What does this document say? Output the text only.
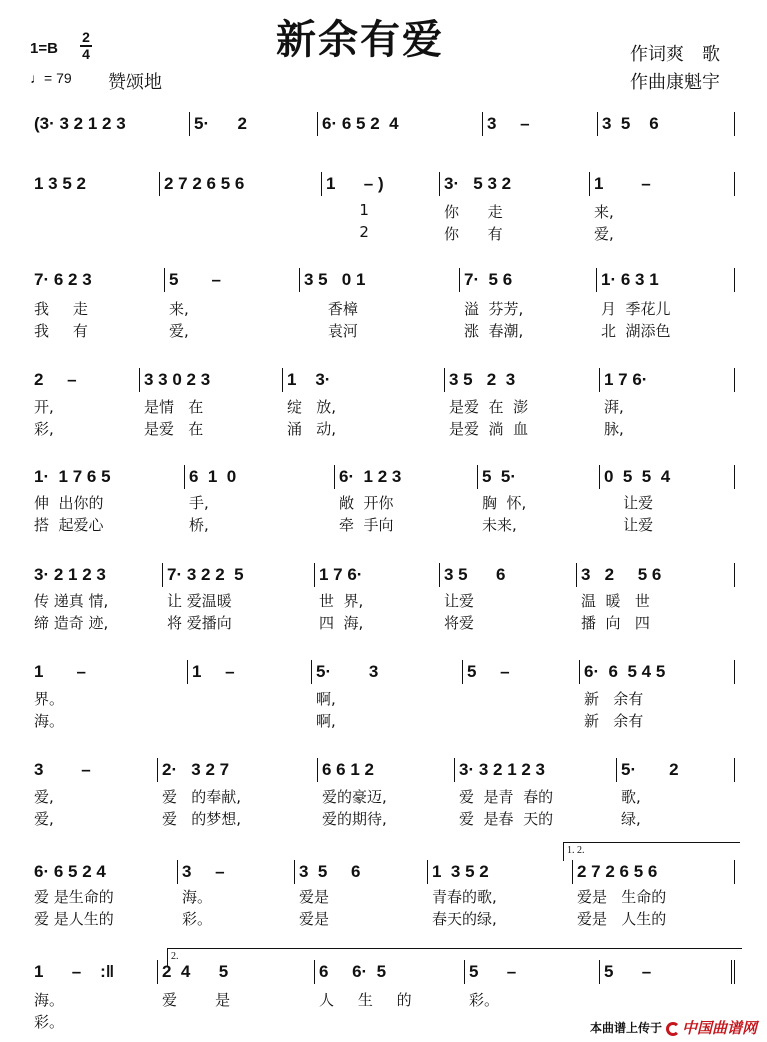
新余有爱
1=B
2
4
♩= 79 赞颂地
作词爽　歌
作曲康魁宇
(3· 3 2 1 2 3	5·      2	6· 6 5 2  4	3     –	3  5    6
1 3 5 2	2 7 2 6 5 6	1      – )	3·   5 3 2	1        –
1	你      走	来,
2	你      有	爱,
7· 6 2 3	5       –	3 5   0 1	7·  5 6	1· 6 3 1
我     走	来,	香樟	溢  芬芳,	月  季花儿
我     有	爱,	袁河	涨  春潮,	北  湖添色
2     –	3 3 0 2 3	1    3·	3 5   2  3	1 7 6·
开,	是情   在	绽   放,	是爱  在  澎	湃,
彩,	是爱   在	涌   动,	是爱  淌  血	脉,
1·  1 7 6 5	6  1  0	6·  1 2 3	5  5·	0  5  5  4
伸  出你的	手,	敞  开你	胸  怀,	让爱
搭  起爱心	桥,	牵  手向	未来,	让爱
3· 2 1 2 3	7· 3 2 2  5	1 7 6·	3 5      6	3   2     5 6
传 递真 情,	让 爱温暖	世  界,	让爱	温  暖   世
缔 造奇 迹,	将 爱播向	四  海,	将爱	播  向   四
1       –	1     –	5·        3	5     –	6·  6  5 4 5
界。	啊,	新   余有
海。	啊,	新   余有
3        –	2·   3 2 7	6 6 1 2	3· 3 2 1 2 3	5·       2
爱,	爱   的奉献,	爱的豪迈,	爱  是青  春的	歌,
爱,	爱   的梦想,	爱的期待,	爱  是春  天的	绿,
6· 6 5 2 4	3     –	3  5     6	1  3 5 2	2 7 2 6 5 6
爱 是生命的	海。	爱是	青春的歌,	爱是   生命的
爱 是人生的	彩。	爱是	春天的绿,	爱是   人生的
1      –    :‖	2  4      5	6     6·  5	5      –	5      –
海。	爱        是	人     生     的	彩。
彩。
1. 2.
2.
本曲谱上传于	中国曲谱网
